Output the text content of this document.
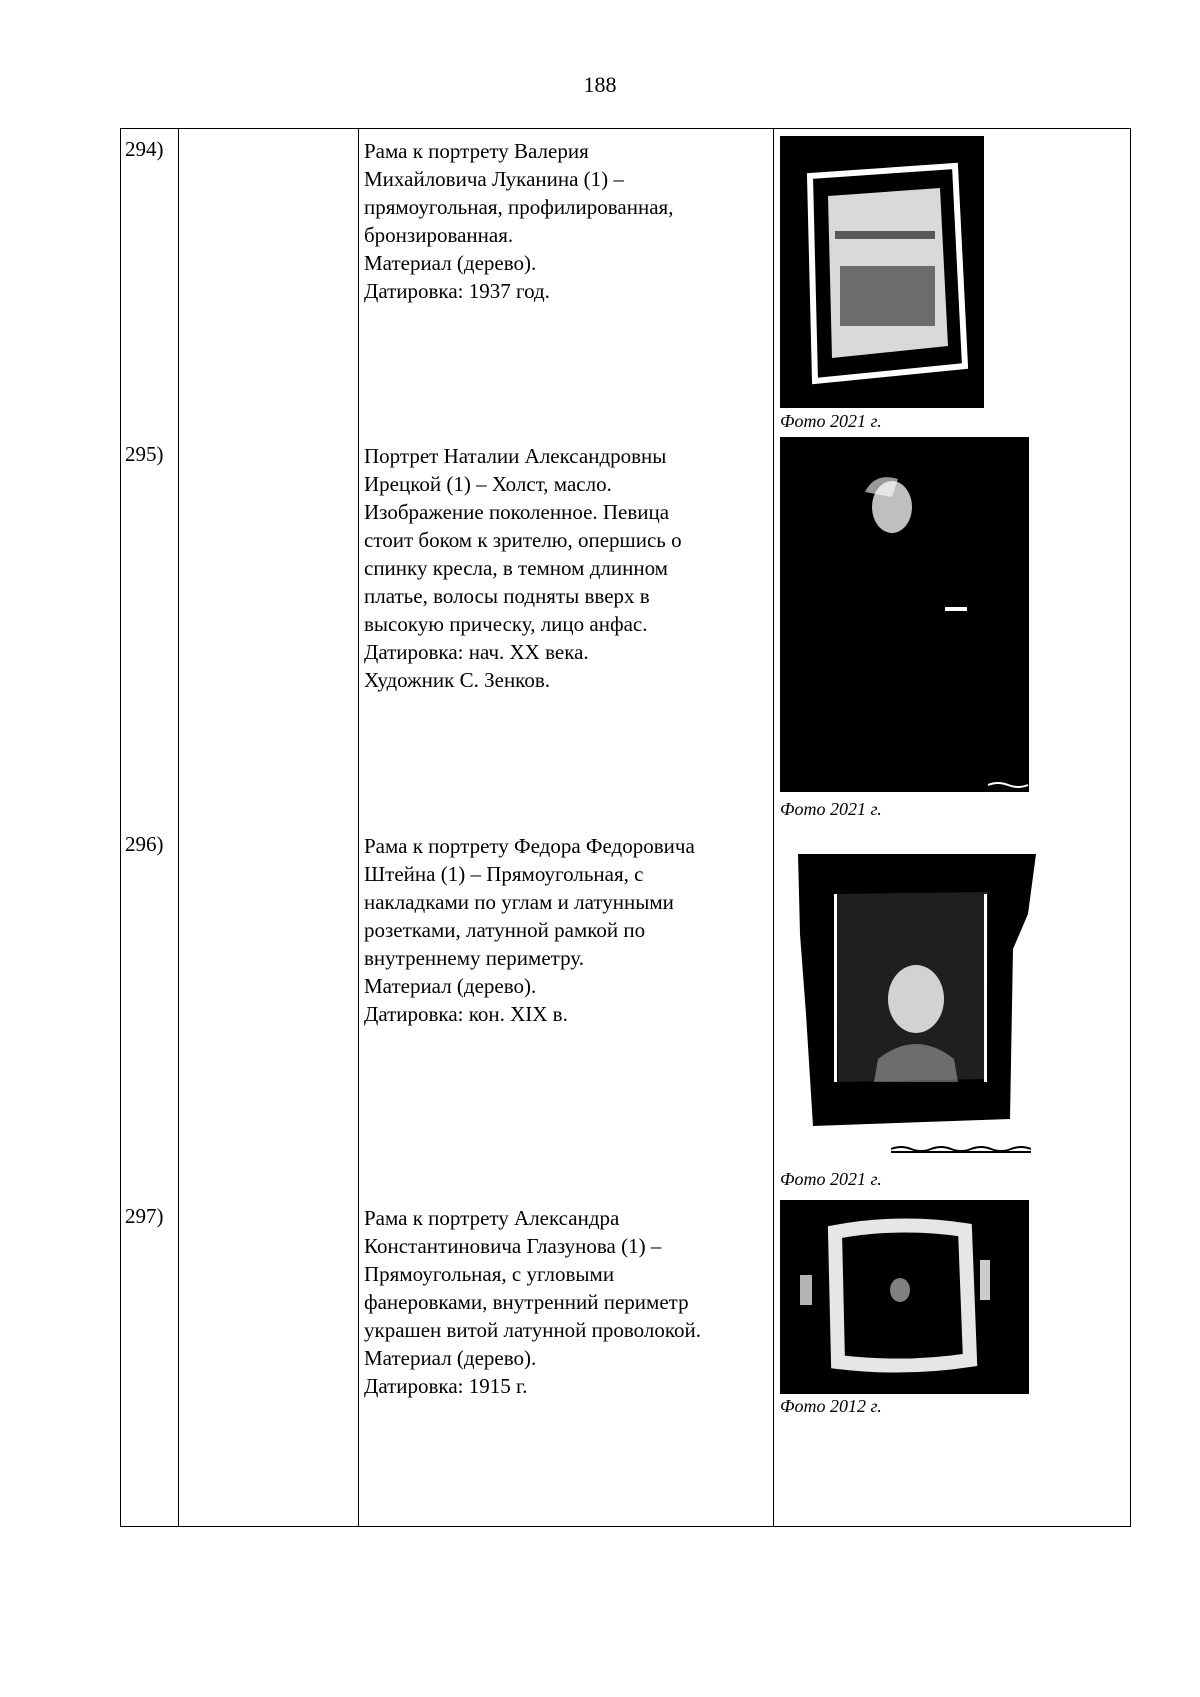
188
294)	Рама к портрету Валерия
Михайловича Луканина (1) –
прямоугольная, профилированная,
бронзированная.
Материал (дерево).
Датировка: 1937 год.
Фото 2021 г.
295)	Портрет Наталии Александровны
Ирецкой (1) – Холст, масло.
Изображение поколенное. Певица
стоит боком к зрителю, опершись о
спинку кресла, в темном длинном
платье, волосы подняты вверх в
высокую прическу, лицо анфас.
Датировка: нач. XX века.
Художник С. Зенков.
Фото 2021 г.
296)	Рама к портрету Федора Федоровича
Штейна (1) – Прямоугольная, с
накладками по углам и латунными
розетками, латунной рамкой по
внутреннему периметру.
Материал (дерево).
Датировка: кон. XIX в.
Фото 2021 г.
297)	Рама к портрету Александра
Константиновича Глазунова (1) –
Прямоугольная, с угловыми
фанеровками, внутренний периметр
украшен витой латунной проволокой.
Материал (дерево).
Датировка: 1915 г.
Фото 2012 г.
